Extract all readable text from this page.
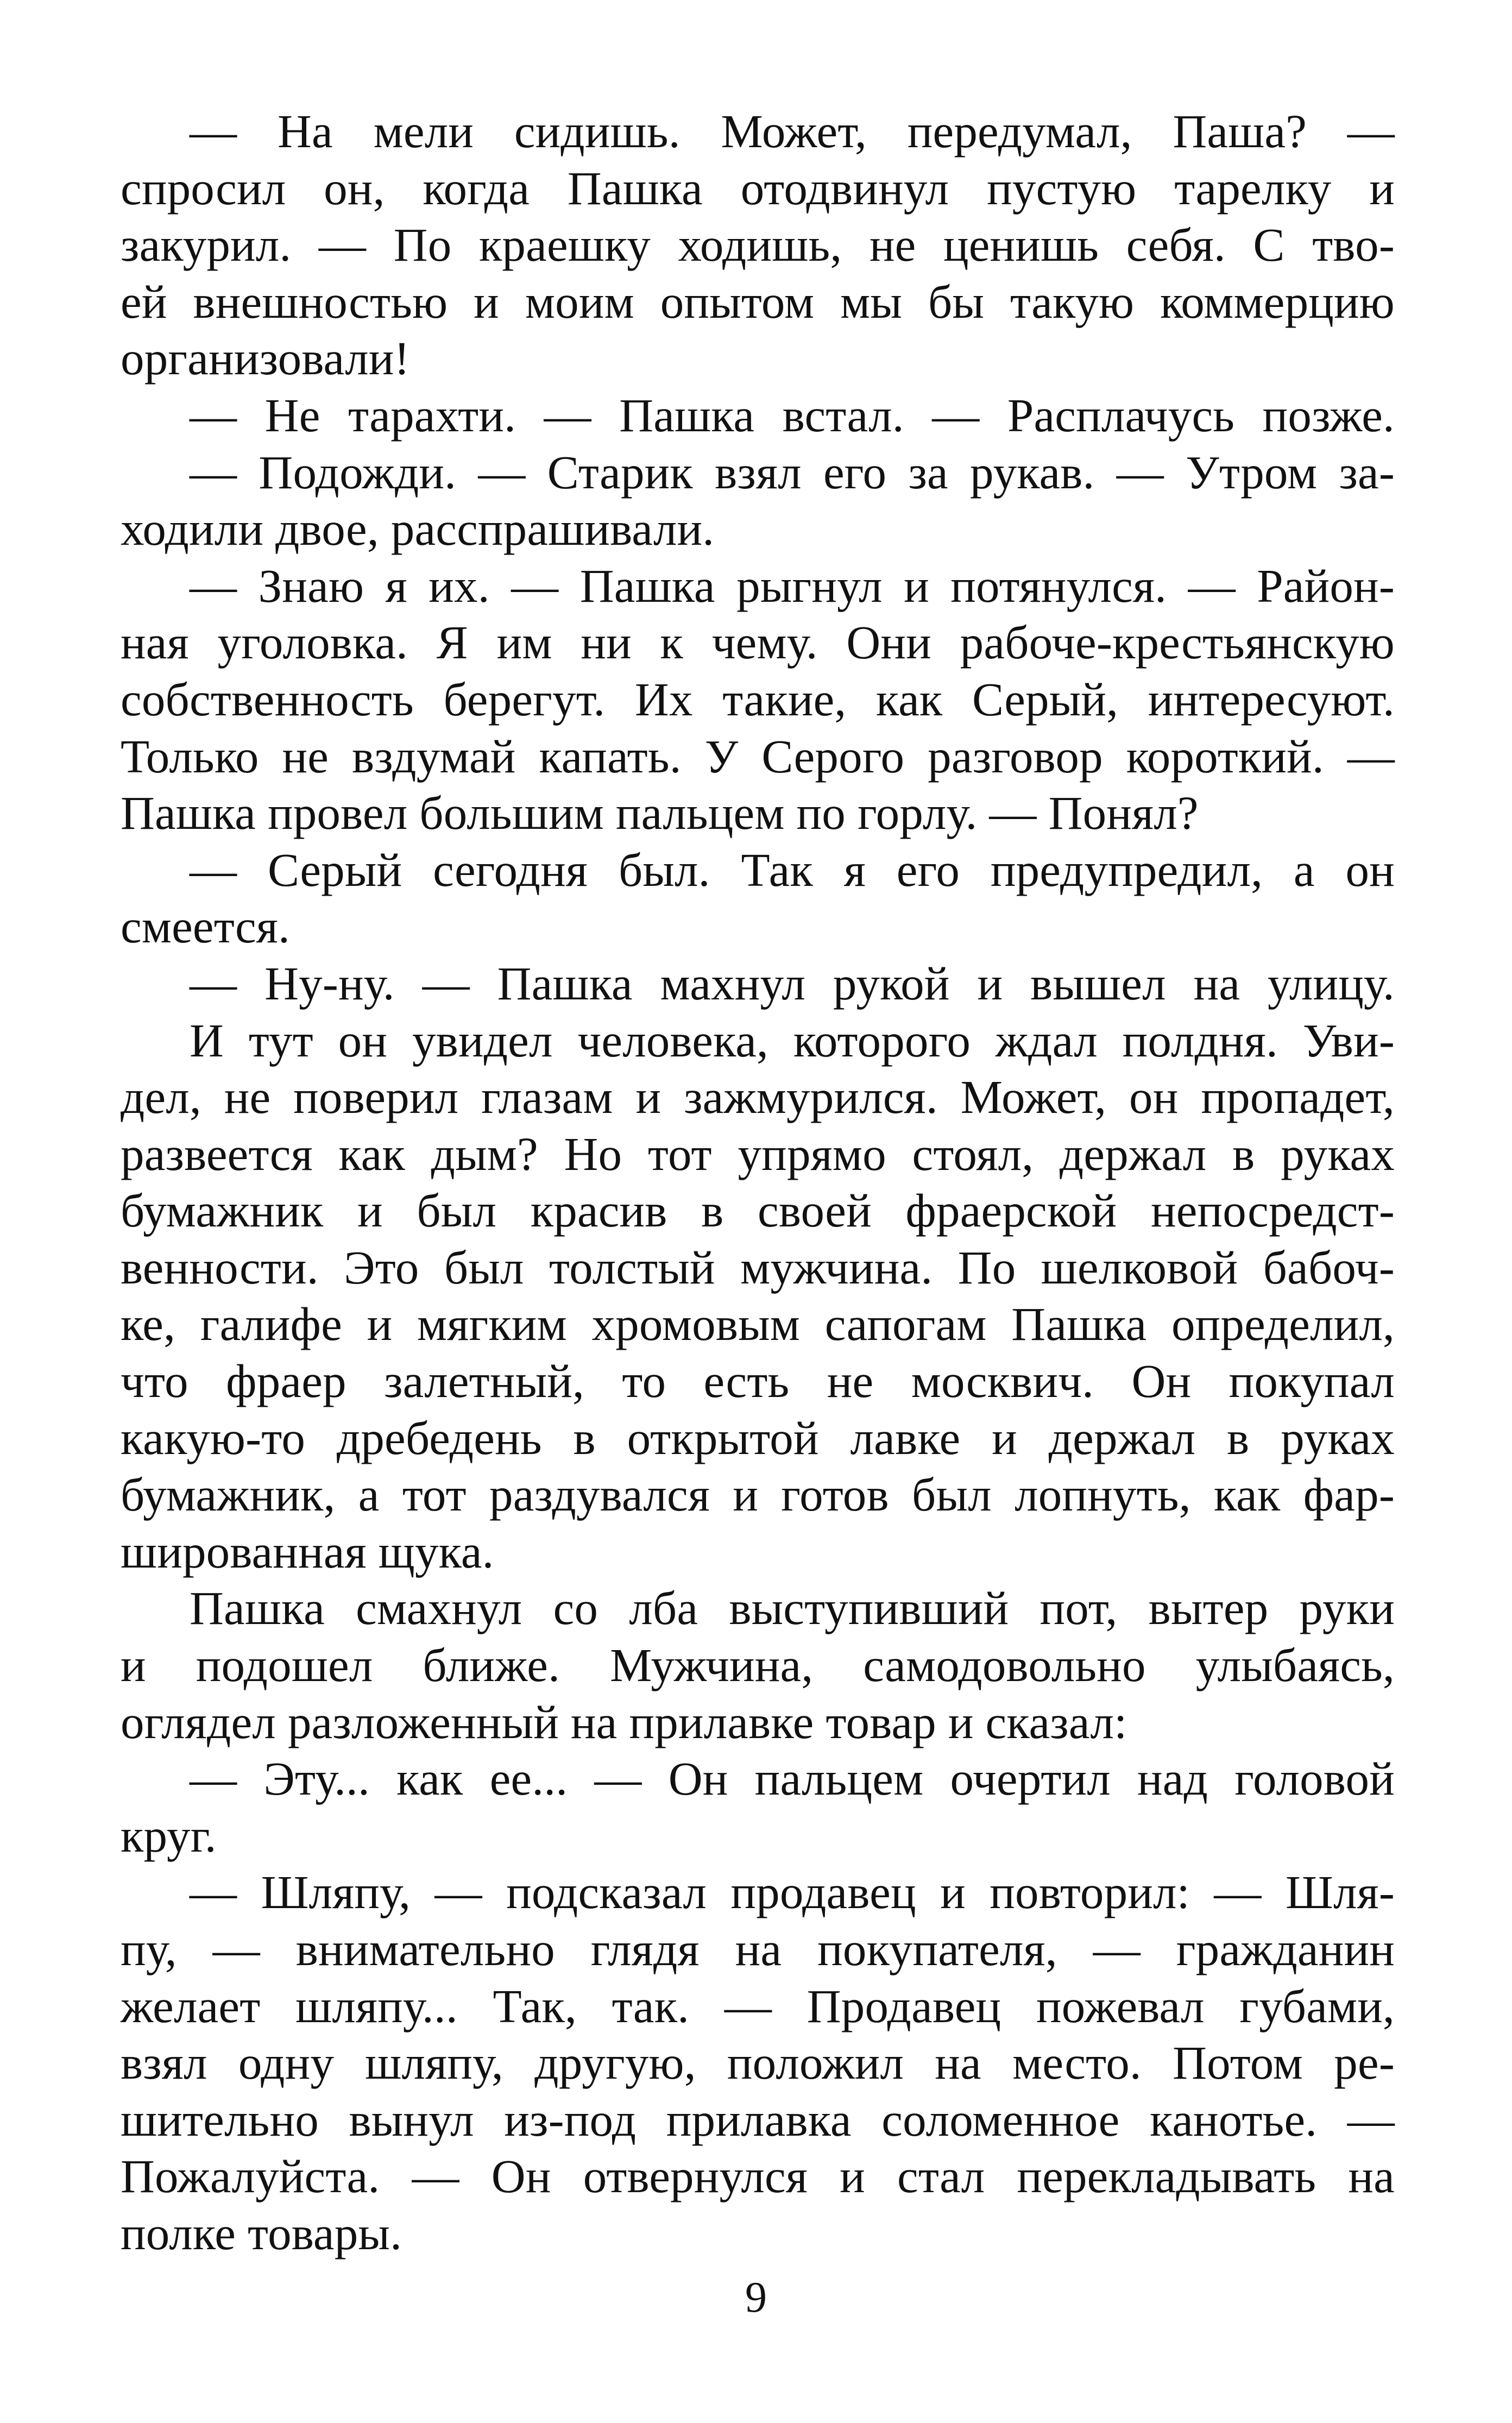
— На мели сидишь. Может, передумал, Паша? —
спросил он, когда Пашка отодвинул пустую тарелку и
закурил. — По краешку ходишь, не ценишь себя. С тво-
ей внешностью и моим опытом мы бы такую коммерцию
организовали!
— Не тарахти. — Пашка встал. — Расплачусь позже.
— Подожди. — Старик взял его за рукав. — Утром за-
ходили двое, расспрашивали.
— Знаю я их. — Пашка рыгнул и потянулся. — Район-
ная уголовка. Я им ни к чему. Они рабоче-крестьянскую
собственность берегут. Их такие, как Серый, интересуют.
Только не вздумай капать. У Серого разговор короткий. —
Пашка провел большим пальцем по горлу. — Понял?
— Серый сегодня был. Так я его предупредил, а он
смеется.
— Ну-ну. — Пашка махнул рукой и вышел на улицу.
И тут он увидел человека, которого ждал полдня. Уви-
дел, не поверил глазам и зажмурился. Может, он пропадет,
развеется как дым? Но тот упрямо стоял, держал в руках
бумажник и был красив в своей фраерской непосредст-
венности. Это был толстый мужчина. По шелковой бабоч-
ке, галифе и мягким хромовым сапогам Пашка определил,
что фраер залетный, то есть не москвич. Он покупал
какую-то дребедень в открытой лавке и держал в руках
бумажник, а тот раздувался и готов был лопнуть, как фар-
шированная щука.
Пашка смахнул со лба выступивший пот, вытер руки
и подошел ближе. Мужчина, самодовольно улыбаясь,
оглядел разложенный на прилавке товар и сказал:
— Эту... как ее... — Он пальцем очертил над головой
круг.
— Шляпу, — подсказал продавец и повторил: — Шля-
пу, — внимательно глядя на покупателя, — гражданин
желает шляпу... Так, так. — Продавец пожевал губами,
взял одну шляпу, другую, положил на место. Потом ре-
шительно вынул из-под прилавка соломенное канотье. —
Пожалуйста. — Он отвернулся и стал перекладывать на
полке товары.
9
